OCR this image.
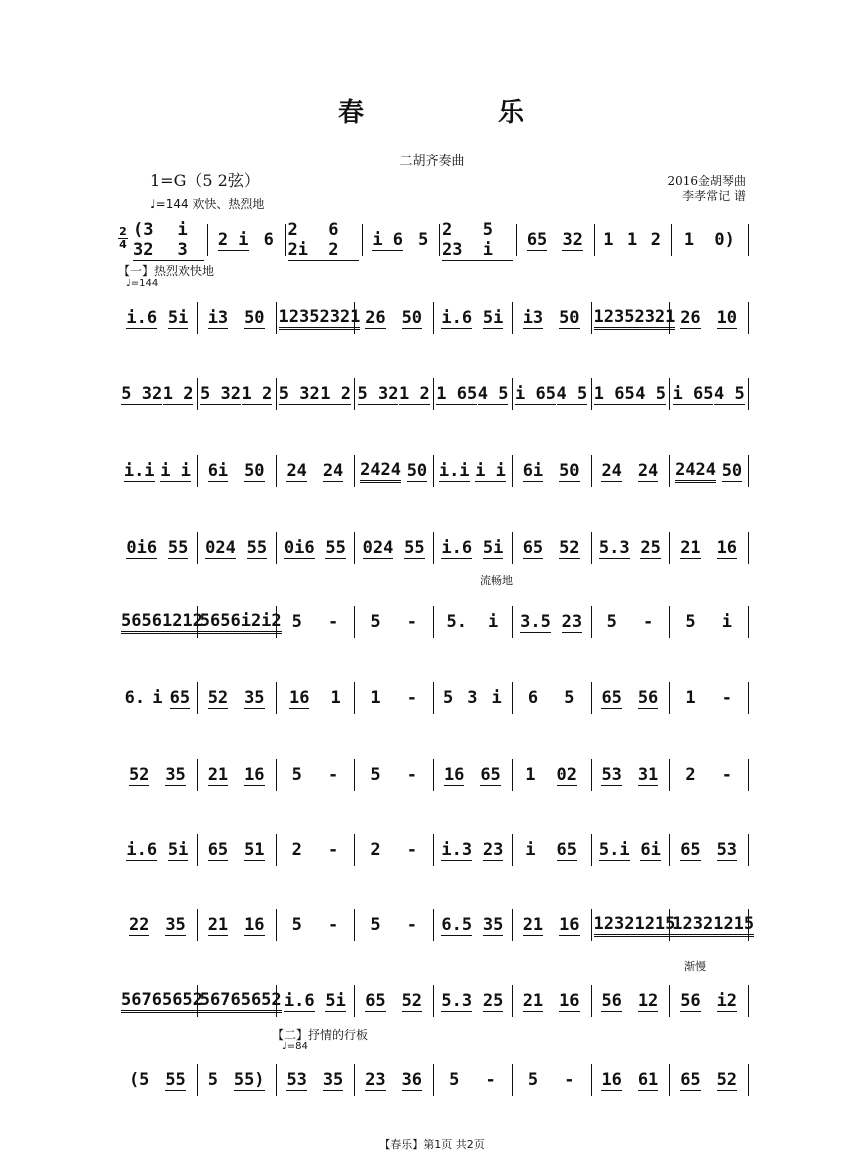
春	乐
二胡齐奏曲
1=G（5 2弦）
♩=144 欢快、热烈地
2016金胡琴曲
李孝常记 谱
【一】热烈欢快地
♩=144
流畅地
渐慢
【二】抒情的行板
♩=84
2
4
(3 32
i 3	2 i 6
2 2i
6 2	i 6 5
2 23
5 i	65 32 1 1 2 1 0)
i.6 5i i3 50 1235 2321 26 50 i.6 5i i3 50 1235 2321 26 10
5 32 1 2 5 32 1 2 5 32 1 2 5 32 1 2 1 65 4 5 i 65 4 5 1 65 4 5 i 65 4 5
i.i i i 6i 50 24 24 2424 50 i.i i i 6i 50 24 24 2424 50
0i6 55 024 55 0i6 55 024 55 i.6 5i 65 52 5.3 25 21 16
5656 1212
5656 i2i2 5 - 5 - 5. i 3.5 23 5 - 5 i
6. i 65 52 35 16 1 1 - 5 3 i 6 5 65 56 1 -
52 35 21 16 5 - 5 - 16 65 1 02 53 31 2 -
i.6 5i 65 51 2 - 2 - i.3 23 i 65 5.i 6i 65 53
22 35 21 16 5 - 5 - 6.5 35 21 16 1232 1215
1232 1215
5676 5652
5676 5652 i.6 5i 65 52 5.3 25 21 16 56 12 56 i2
(5 55 5 55) 53 35 23 36 5 - 5 - 16 61 65 52
【春乐】第1页 共2页
